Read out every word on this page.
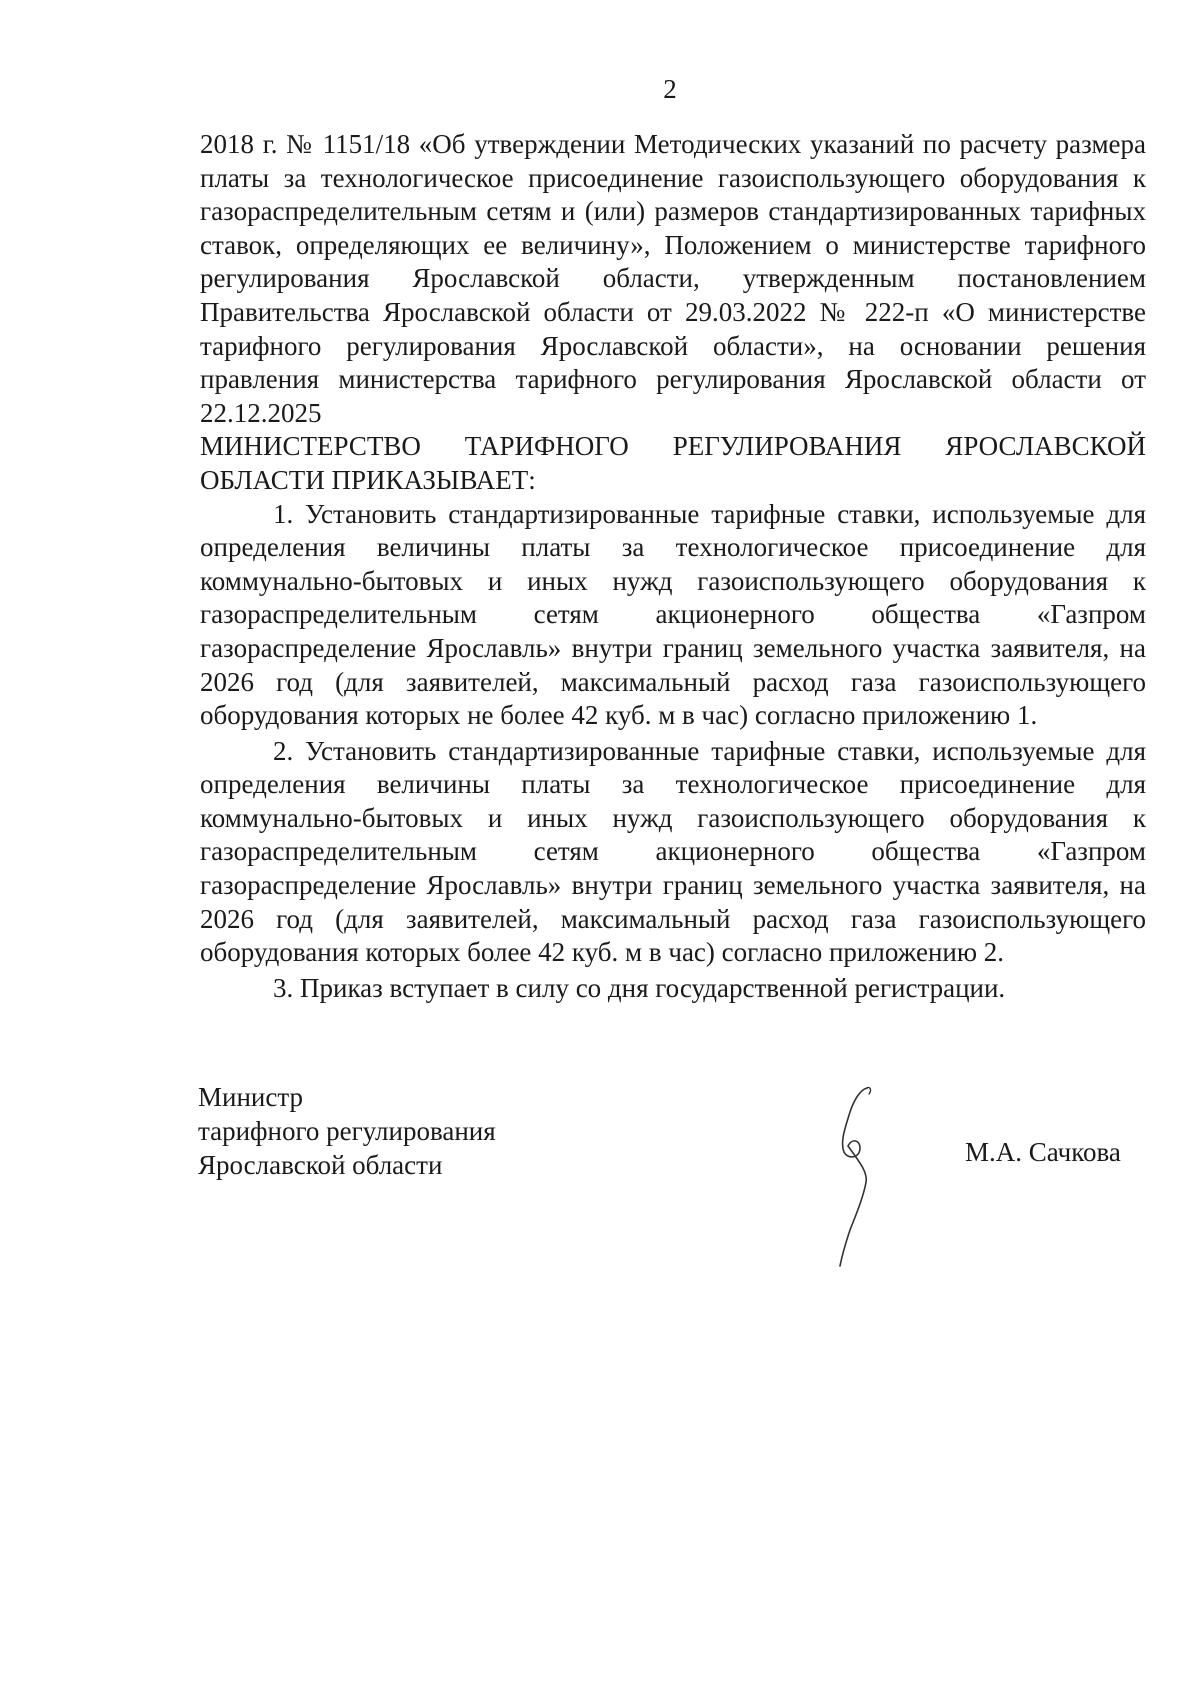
2

2018 г. № 1151/18 «Об утверждении Методических указаний по расчету размера платы за технологическое присоединение газоиспользующего оборудования к газораспределительным сетям и (или) размеров стандартизированных тарифных ставок, определяющих ее величину», Положением о министерстве тарифного регулирования Ярославской области, утвержденным постановлением Правительства Ярославской области от 29.03.2022 № 222-п «О министерстве тарифного регулирования Ярославской области», на основании решения правления министерства тарифного регулирования Ярославской области от 22.12.2025

МИНИСТЕРСТВО ТАРИФНОГО РЕГУЛИРОВАНИЯ ЯРОСЛАВСКОЙ ОБЛАСТИ ПРИКАЗЫВАЕТ:

1. Установить стандартизированные тарифные ставки, используемые для определения величины платы за технологическое присоединение для коммунально-бытовых и иных нужд газоиспользующего оборудования к газораспределительным сетям акционерного общества «Газпром газораспределение Ярославль» внутри границ земельного участка заявителя, на 2026 год (для заявителей, максимальный расход газа газоиспользующего оборудования которых не более 42 куб. м в час) согласно приложению 1.

2. Установить стандартизированные тарифные ставки, используемые для определения величины платы за технологическое присоединение для коммунально-бытовых и иных нужд газоиспользующего оборудования к газораспределительным сетям акционерного общества «Газпром газораспределение Ярославль» внутри границ земельного участка заявителя, на 2026 год (для заявителей, максимальный расход газа газоиспользующего оборудования которых более 42 куб. м в час) согласно приложению 2.

3. Приказ вступает в силу со дня государственной регистрации.

Министр
тарифного регулирования
Ярославской области	М.А. Сачкова
